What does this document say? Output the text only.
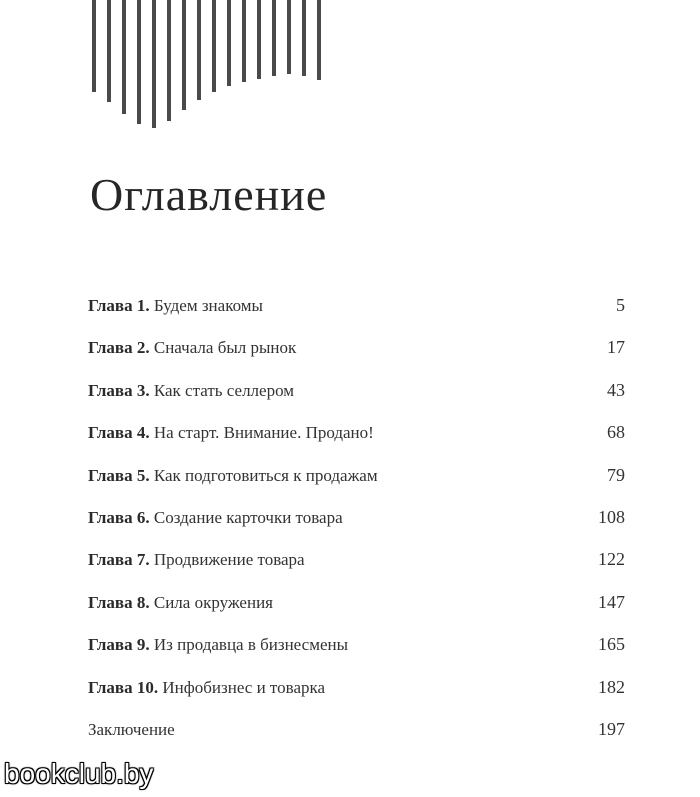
Оглавление
Глава 1. Будем знакомы	5
Глава 2. Сначала был рынок	17
Глава 3. Как стать селлером	43
Глава 4. На старт. Внимание. Продано!	68
Глава 5. Как подготовиться к продажам	79
Глава 6. Создание карточки товара	108
Глава 7. Продвижение товара	122
Глава 8. Сила окружения	147
Глава 9. Из продавца в бизнесмены	165
Глава 10. Инфобизнес и товарка	182
Заключение	197
bookclub.by
